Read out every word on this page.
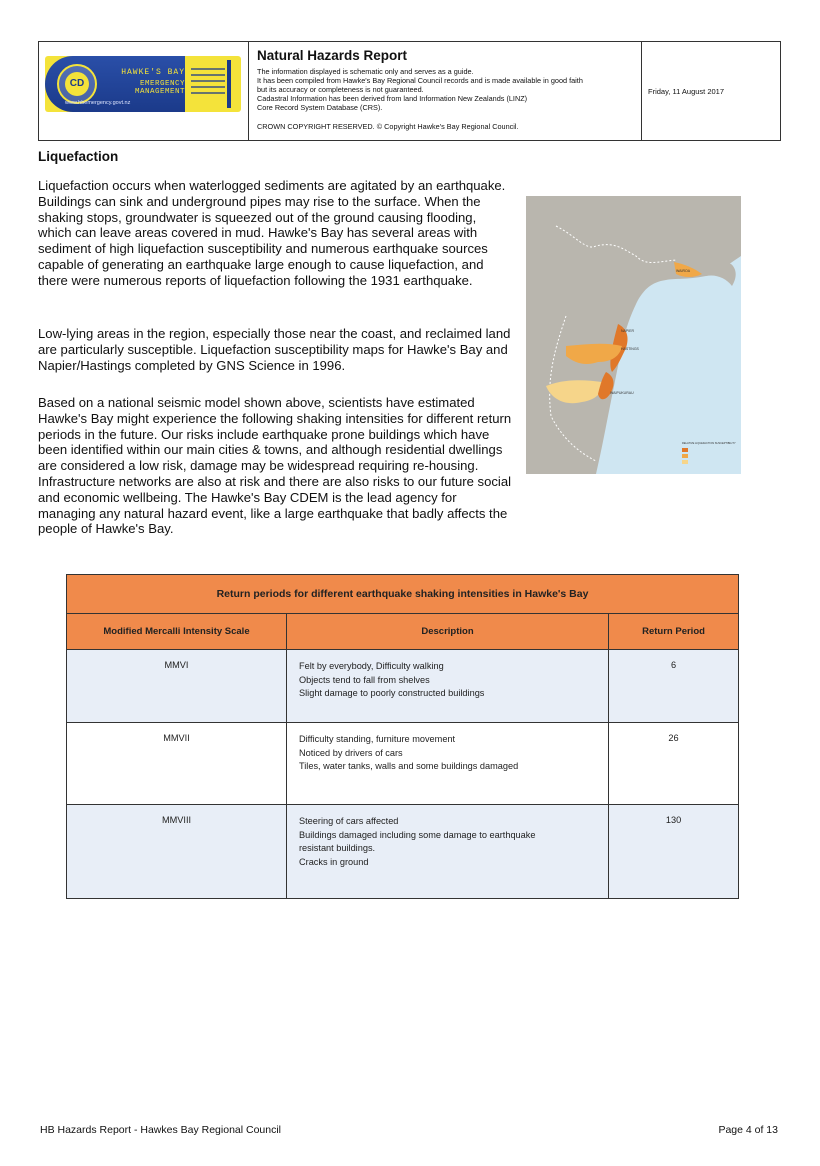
CD
HAWKE'S BAY
EMERGENCY MANAGEMENT
www.hbemergency.govt.nz
Natural Hazards Report
The information displayed is schematic only and serves as a guide.
It has been compiled from Hawke's Bay Regional Council records and is made available in good faith
but its accuracy or completeness is not guaranteed.
Cadastral Information has been derived from land Information New Zealands (LINZ)
Core Record System Database (CRS).
CROWN COPYRIGHT RESERVED. © Copyright Hawke's Bay Regional Council.
Friday, 11 August 2017
Liquefaction

Liquefaction occurs when waterlogged sediments are agitated by an earthquake. Buildings can sink and underground pipes may rise to the surface. When the shaking stops, groundwater is squeezed out of the ground causing flooding, which can leave areas covered in mud. Hawke's Bay has several areas with sediment of high liquefaction susceptibility and numerous earthquake sources capable of generating an earthquake large enough to cause liquefaction, and there were numerous reports of liquefaction following the 1931 earthquake.

Low-lying areas in the region, especially those near the coast, and reclaimed land are particularly susceptible. Liquefaction susceptibility maps for Hawke's Bay and Napier/Hastings completed by GNS Science in 1996.

Based on a national seismic model shown above, scientists have estimated Hawke's Bay might experience the following shaking intensities for different return periods in the future. Our risks include earthquake prone buildings which have been identified within our main cities & towns, and although residential dwellings are considered a low risk, damage may be widespread requiring re-housing. Infrastructure networks are also at risk and there are also risks to our future social and economic wellbeing. The Hawke's Bay CDEM is the lead agency for managing any natural hazard event, like a large earthquake that badly affects the people of Hawke's Bay.

WAIROA
NAPIER
HASTINGS
WAIPUKURAU
RELATIVE LIQUEFACTION SUSCEPTIBILITY
Return periods for different earthquake shaking intensities in Hawke's Bay		
Modified Mercalli Intensity Scale	Description	Return Period
MMVI	Felt by everybody, Difficulty walking
Objects tend to fall from shelves
Slight damage to poorly constructed buildings	6
MMVII	Difficulty standing, furniture movement
Noticed by drivers of cars
Tiles, water tanks, walls and some buildings damaged	26
MMVIII	Steering of cars affected
Buildings damaged including some damage to earthquake
resistant buildings.
Cracks in ground	130
HB Hazards Report - Hawkes Bay Regional Council	Page 4 of 13
